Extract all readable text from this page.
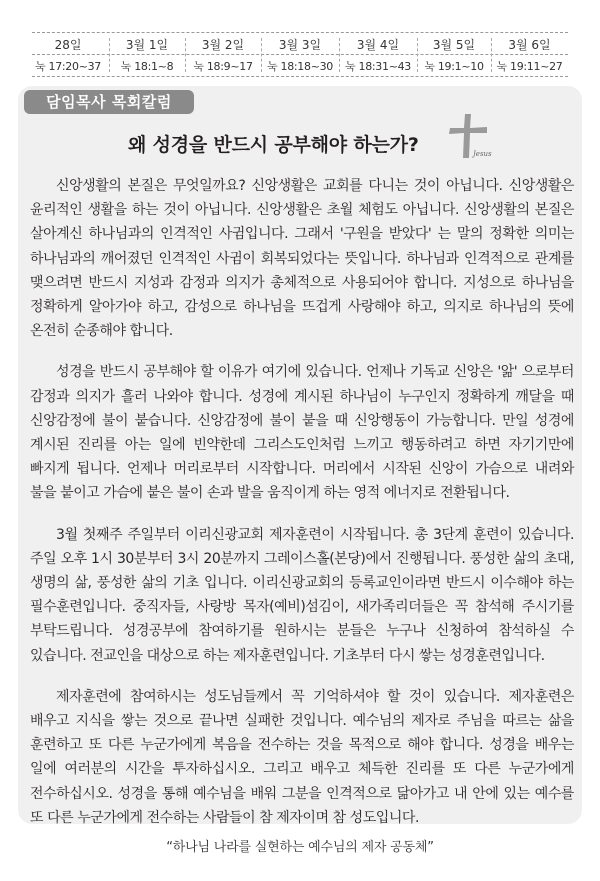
28일
눅 17:20~37
3월 1일
눅 18:1~8
3월 2일
눅 18:9~17
3월 3일
눅 18:18~30
3월 4일
눅 18:31~43
3월 5일
눅 19:1~10
3월 6일
눅 19:11~27
담임목사 목회칼럼
왜 성경을 반드시 공부해야 하는가?	Jesus

신앙생활의 본질은 무엇일까요? 신앙생활은 교회를 다니는 것이 아닙니다. 신앙생활은 윤리적인 생활을 하는 것이 아닙니다. 신앙생활은 초월 체험도 아닙니다. 신앙생활의 본질은 살아계신 하나님과의 인격적인 사귐입니다. 그래서 '구원을 받았다' 는 말의 정확한 의미는 하나님과의 깨어졌던 인격적인 사귐이 회복되었다는 뜻입니다. 하나님과 인격적으로 관계를 맺으려면 반드시 지성과 감정과 의지가 총체적으로 사용되어야 합니다. 지성으로 하나님을 정확하게 알아가야 하고, 감성으로 하나님을 뜨겁게 사랑해야 하고, 의지로 하나님의 뜻에 온전히 순종해야 합니다.

성경을 반드시 공부해야 할 이유가 여기에 있습니다. 언제나 기독교 신앙은 '앎' 으로부터 감정과 의지가 흘러 나와야 합니다. 성경에 계시된 하나님이 누구인지 정확하게 깨달을 때 신앙감정에 불이 붙습니다. 신앙감정에 불이 붙을 때 신앙행동이 가능합니다. 만일 성경에 계시된 진리를 아는 일에 빈약한데 그리스도인처럼 느끼고 행동하려고 하면 자기기만에 빠지게 됩니다. 언제나 머리로부터 시작합니다. 머리에서 시작된 신앙이 가슴으로 내려와 불을 붙이고 가슴에 붙은 불이 손과 발을 움직이게 하는 영적 에너지로 전환됩니다.

3월 첫째주 주일부터 이리신광교회 제자훈련이 시작됩니다. 총 3단계 훈련이 있습니다. 주일 오후 1시 30분부터 3시 20분까지 그레이스홀(본당)에서 진행됩니다. 풍성한 삶의 초대, 생명의 삶, 풍성한 삶의 기초 입니다. 이리신광교회의 등록교인이라면 반드시 이수해야 하는 필수훈련입니다. 중직자들, 사랑방 목자(예비)섬김이, 새가족리더들은 꼭 참석해 주시기를 부탁드립니다. 성경공부에 참여하기를 원하시는 분들은 누구나 신청하여 참석하실 수 있습니다. 전교인을 대상으로 하는 제자훈련입니다. 기초부터 다시 쌓는 성경훈련입니다.

제자훈련에 참여하시는 성도님들께서 꼭 기억하셔야 할 것이 있습니다. 제자훈련은 배우고 지식을 쌓는 것으로 끝나면 실패한 것입니다. 예수님의 제자로 주님을 따르는 삶을 훈련하고 또 다른 누군가에게 복음을 전수하는 것을 목적으로 해야 합니다. 성경을 배우는 일에 여러분의 시간을 투자하십시오. 그리고 배우고 체득한 진리를 또 다른 누군가에게 전수하십시오. 성경을 통해 예수님을 배워 그분을 인격적으로 닮아가고 내 안에 있는 예수를 또 다른 누군가에게 전수하는 사람들이 참 제자이며 참 성도입니다.

“하나님 나라를 실현하는 예수님의 제자 공동체”
